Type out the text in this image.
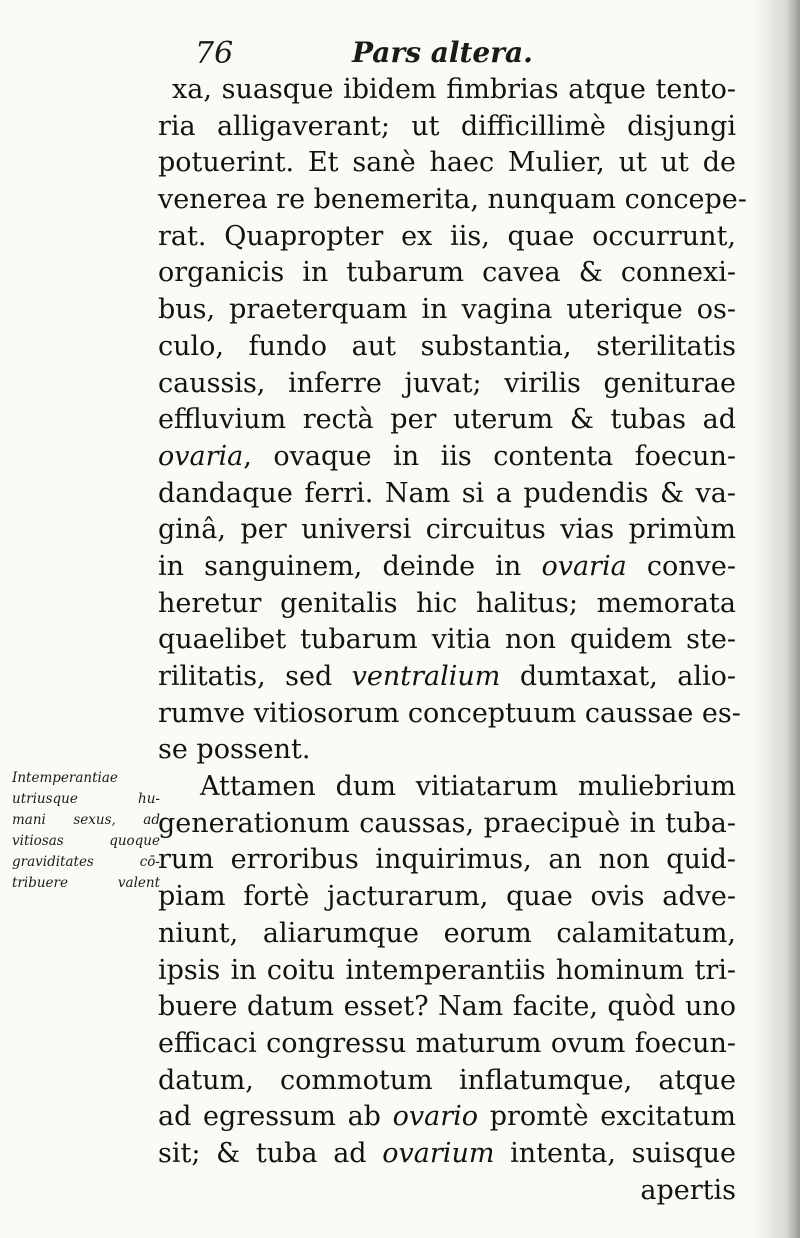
76	Pars altera.
xa, suasque ibidem fimbrias atque tento-
ria alligaverant; ut difficillimè disjungi
potuerint. Et sanè haec Mulier, ut ut de
venerea re benemerita, nunquam concepe-
rat. Quapropter ex iis, quae occurrunt,
organicis in tubarum cavea & connexi-
bus, praeterquam in vagina uterique os-
culo, fundo aut substantia, sterilitatis
caussis, inferre juvat; virilis geniturae
effluvium rectà per uterum & tubas ad
ovaria, ovaque in iis contenta foecun-
dandaque ferri. Nam si a pudendis & va-
ginâ, per universi circuitus vias primùm
in sanguinem, deinde in ovaria conve-
heretur genitalis hic halitus; memorata
quaelibet tubarum vitia non quidem ste-
rilitatis, sed ventralium dumtaxat, alio-
rumve vitiosorum conceptuum caussae es-
se possent.
Attamen dum vitiatarum muliebrium
generationum caussas, praecipuè in tuba-
rum erroribus inquirimus, an non quid-
piam fortè jacturarum, quae ovis adve-
niunt, aliarumque eorum calamitatum,
ipsis in coitu intemperantiis hominum tri-
buere datum esset? Nam facite, quòd uno
efficaci congressu maturum ovum foecun-
datum, commotum inflatumque, atque
ad egressum ab ovario promtè excitatum
sit; & tuba ad ovarium intenta, suisque
apertis
Intemperantiae
utriusque hu-
mani sexus, ad
vitiosas quoque
graviditates cō-
tribuere valent
